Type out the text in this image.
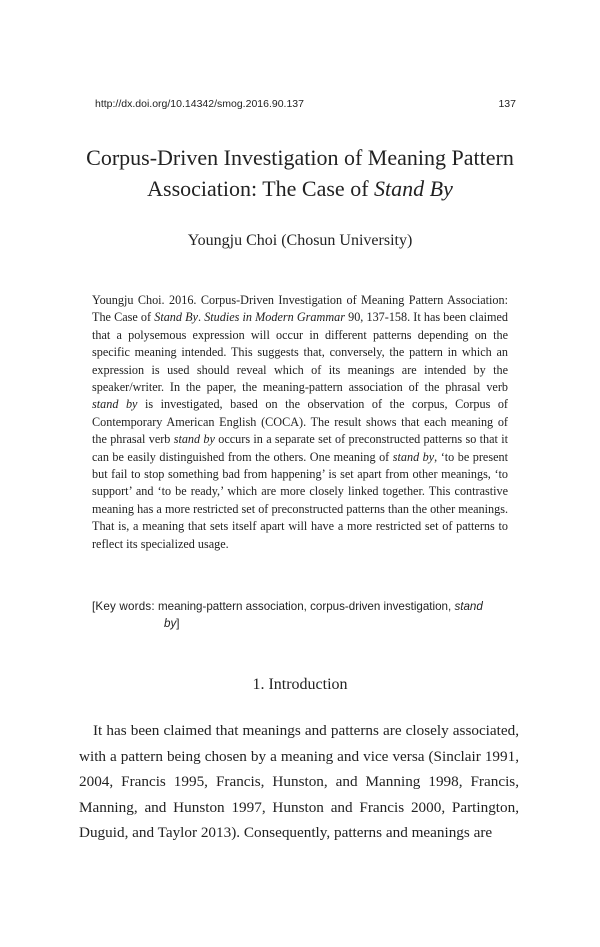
http://dx.doi.org/10.14342/smog.2016.90.137	137
Corpus-Driven Investigation of Meaning Pattern
Association: The Case of Stand By
Youngju Choi (Chosun University)

Youngju Choi. 2016. Corpus-Driven Investigation of Meaning Pattern Association: The Case of Stand By. Studies in Modern Grammar 90, 137-158. It has been claimed that a polysemous expression will occur in different patterns depending on the specific meaning intended. This suggests that, conversely, the pattern in which an expression is used should reveal which of its meanings are intended by the speaker/writer. In the paper, the meaning-pattern association of the phrasal verb stand by is investigated, based on the observation of the corpus, Corpus of Contemporary American English (COCA). The result shows that each meaning of the phrasal verb stand by occurs in a separate set of preconstructed patterns so that it can be easily distinguished from the others. One meaning of stand by, ‘to be present but fail to stop something bad from happening’ is set apart from other meanings, ‘to support’ and ‘to be ready,’ which are more closely linked together. This contrastive meaning has a more restricted set of preconstructed patterns than the other meanings. That is, a meaning that sets itself apart will have a more restricted set of patterns to reflect its specialized usage.

[Key words: meaning-pattern association, corpus-driven investigation, stand
by]
1. Introduction

It has been claimed that meanings and patterns are closely associated, with a pattern being chosen by a meaning and vice versa (Sinclair 1991, 2004, Francis 1995, Francis, Hunston, and Manning 1998, Francis, Manning, and Hunston 1997, Hunston and Francis 2000, Partington, Duguid, and Taylor 2013). Consequently, patterns and meanings are
